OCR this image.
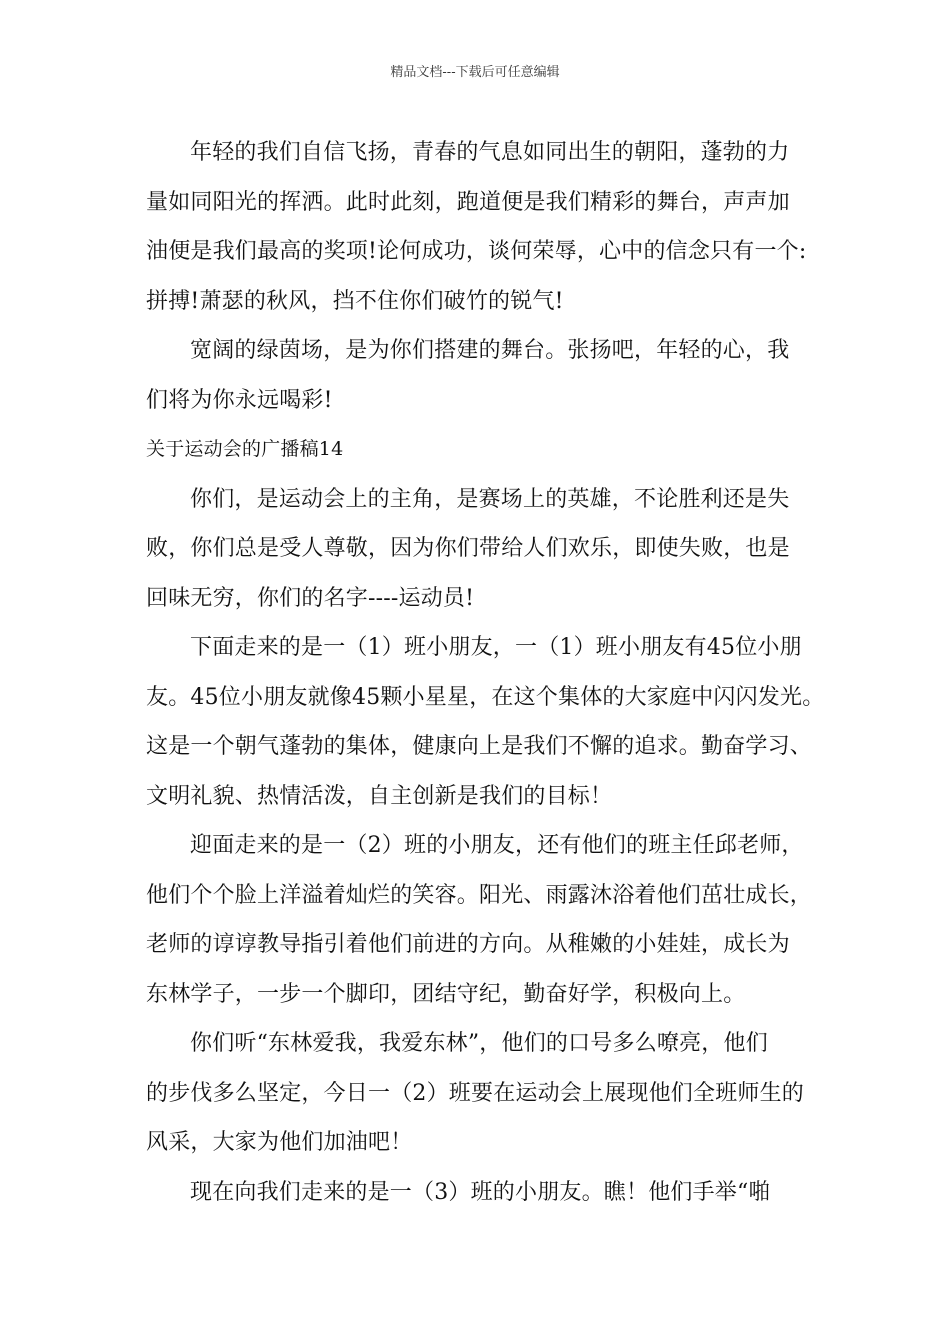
精品文档---下载后可任意编辑
年轻的我们自信飞扬，青春的气息如同出生的朝阳，蓬勃的力
量如同阳光的挥洒。此时此刻，跑道便是我们精彩的舞台，声声加
油便是我们最高的奖项!论何成功，谈何荣辱，心中的信念只有一个:
拼搏!萧瑟的秋风，挡不住你们破竹的锐气!
宽阔的绿茵场，是为你们搭建的舞台。张扬吧，年轻的心，我
们将为你永远喝彩!
关于运动会的广播稿14
你们，是运动会上的主角，是赛场上的英雄，不论胜利还是失
败，你们总是受人尊敬，因为你们带给人们欢乐，即使失败，也是
回味无穷，你们的名字----运动员!
下面走来的是一（1）班小朋友，一（1）班小朋友有45位小朋
友。45位小朋友就像45颗小星星，在这个集体的大家庭中闪闪发光。
这是一个朝气蓬勃的集体，健康向上是我们不懈的追求。勤奋学习、
文明礼貌、热情活泼，自主创新是我们的目标！
迎面走来的是一（2）班的小朋友，还有他们的班主任邱老师，
他们个个脸上洋溢着灿烂的笑容。阳光、雨露沐浴着他们茁壮成长，
老师的谆谆教导指引着他们前进的方向。从稚嫩的小娃娃，成长为
东林学子，一步一个脚印，团结守纪，勤奋好学，积极向上。
你们听“东林爱我，我爱东林”，他们的口号多么嘹亮，他们
的步伐多么坚定，今日一（2）班要在运动会上展现他们全班师生的
风采，大家为他们加油吧！
现在向我们走来的是一（3）班的小朋友。瞧！他们手举“啪
